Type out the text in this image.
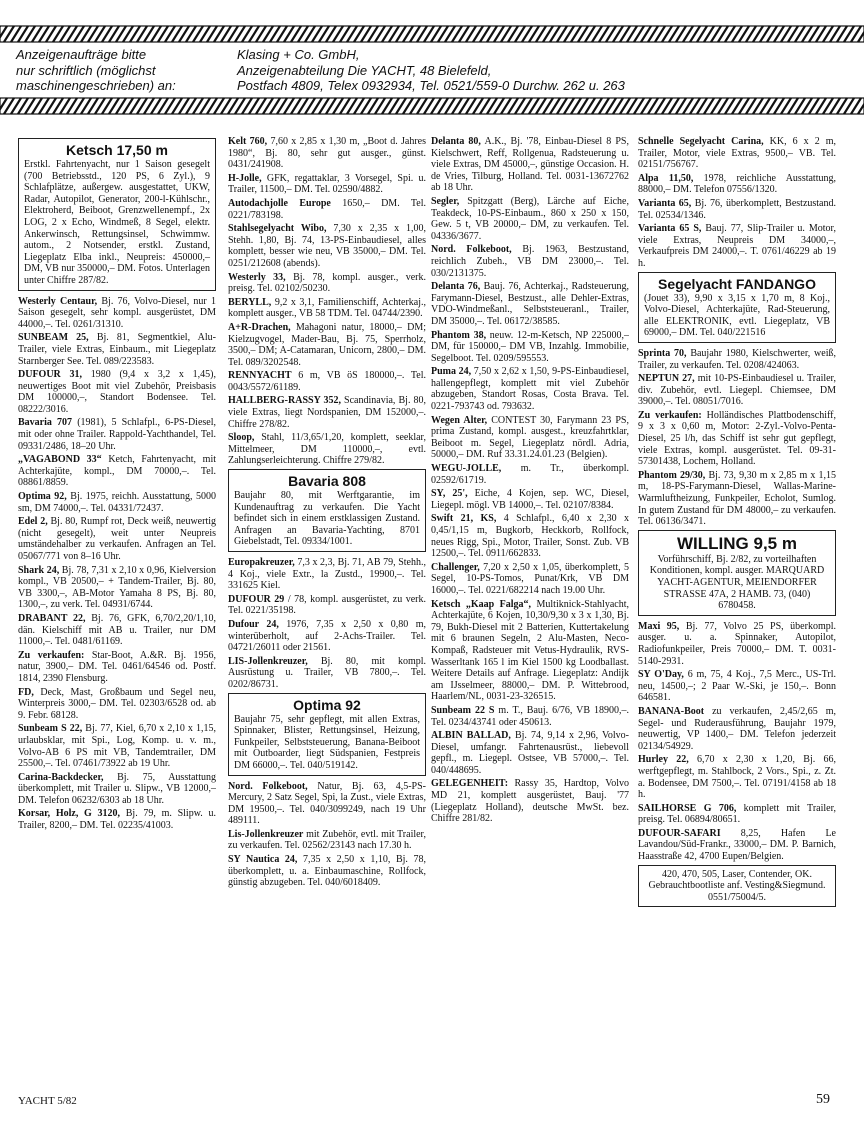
Anzeigenaufträge bitte
nur schriftlich (möglichst
maschinengeschrieben) an:
Klasing + Co. GmbH,
Anzeigenabteilung Die YACHT, 48 Bielefeld,
Postfach 4809, Telex 0932934, Tel. 0521/559-0 Durchw. 262 u. 263
Ketsch 17,50 m
Erstkl. Fahrtenyacht, nur 1 Saison gesegelt (700 Betriebsstd., 120 PS, 6 Zyl.), 9 Schlafplätze, außergew. ausgestattet, UKW, Radar, Autopilot, Generator, 200-l-Kühlschr., Elektroherd, Beiboot, Grenzwellenempf., 2x LOG, 2 x Echo, Windmeß, 8 Segel, elektr. Ankerwinsch, Rettungsinsel, Schwimmw. autom., 2 Notsender, erstkl. Zustand, Liegeplatz Elba inkl., Neupreis: 450000,– DM, VB nur 350000,– DM. Fotos. Unterlagen unter Chiffre 287/82.
Westerly Centaur, Bj. 76, Volvo-Diesel, nur 1 Saison gesegelt, sehr kompl. ausgerüstet, DM 44000,–. Tel. 0261/31310.
SUNBEAM 25, Bj. 81, Segmentkiel, Alu-Trailer, viele Extras, Einbaum., mit Liegeplatz Starnberger See. Tel. 089/223583.
DUFOUR 31, 1980 (9,4 x 3,2 x 1,45), neuwertiges Boot mit viel Zubehör, Preisbasis DM 100000,–, Standort Bodensee. Tel. 08222/3016.
Bavaria 707 (1981), 5 Schlafpl., 6-PS-Diesel, mit oder ohne Trailer. Rappold-Yachthandel, Tel. 09331/2486, 18–20 Uhr.
„VAGABOND 33“ Ketch, Fahrtenyacht, mit Achterkajüte, kompl., DM 70000,–. Tel. 08861/8859.
Optima 92, Bj. 1975, reichh. Ausstattung, 5000 sm, DM 74000,–. Tel. 04331/72437.
Edel 2, Bj. 80, Rumpf rot, Deck weiß, neuwertig (nicht gesegelt), weit unter Neupreis umständehalber zu verkaufen. Anfragen an Tel. 05067/771 von 8–16 Uhr.
Shark 24, Bj. 78, 7,31 x 2,10 x 0,96, Kielversion kompl., VB 20500,– + Tandem-Trailer, Bj. 80, VB 3300,–, AB-Motor Yamaha 8 PS, Bj. 80, 1300,–, zu verk. Tel. 04931/6744.
DRABANT 22, Bj. 76, GFK, 6,70/2,20/1,10, dän. Kielschiff mit AB u. Trailer, nur DM 11000,–. Tel. 0481/61169.
Zu verkaufen: Star-Boot, A.&R. Bj. 1956, natur, 3900,– DM. Tel. 0461/64546 od. Postf. 1814, 2390 Flensburg.
FD, Deck, Mast, Großbaum und Segel neu, Winterpreis 3000,– DM. Tel. 02303/6528 od. ab 9. Febr. 68128.
Sunbeam S 22, Bj. 77, Kiel, 6,70 x 2,10 x 1,15, urlaubsklar, mit Spi., Log, Komp. u. v. m., Volvo-AB 6 PS mit VB, Tandemtrailer, DM 25500,–. Tel. 07461/73922 ab 19 Uhr.
Carina-Backdecker, Bj. 75, Ausstattung überkomplett, mit Trailer u. Slipw., VB 12000,– DM. Telefon 06232/6303 ab 18 Uhr.
Korsar, Holz, G 3120, Bj. 79, m. Slipw. u. Trailer, 8200,– DM. Tel. 02235/41003.
Kelt 760, 7,60 x 2,85 x 1,30 m, „Boot d. Jahres 1980“, Bj. 80, sehr gut ausger., günst. 0431/241908.
H-Jolle, GFK, regattaklar, 3 Vorsegel, Spi. u. Trailer, 11500,– DM. Tel. 02590/4882.
Autodachjolle Europe 1650,– DM. Tel. 0221/783198.
Stahlsegelyacht Wibo, 7,30 x 2,35 x 1,00, Stehh. 1,80, Bj. 74, 13-PS-Einbaudiesel, alles komplett, besser wie neu, VB 35000,– DM. Tel. 0251/212608 (abends).
Westerly 33, Bj. 78, kompl. ausger., verk. preisg. Tel. 02102/50230.
BERYLL, 9,2 x 3,1, Familienschiff, Achterkaj., komplett ausger., VB 58 TDM. Tel. 04744/2390.
A+R-Drachen, Mahagoni natur, 18000,– DM; Kielzugvogel, Mader-Bau, Bj. 75, Sperrholz, 3500,– DM; A-Catamaran, Unicorn, 2800,– DM. Tel. 089/3202548.
RENNYACHT 6 m, VB öS 180000,–. Tel. 0043/5572/61189.
HALLBERG-RASSY 352, Scandinavia, Bj. 80, viele Extras, liegt Nordspanien, DM 152000,–. Chiffre 278/82.
Sloop, Stahl, 11/3,65/1,20, komplett, seeklar, Mittelmeer, DM 110000,–, evtl. Zahlungserleichterung. Chiffre 279/82.
Bavaria 808
Baujahr 80, mit Werftgarantie, im Kundenauftrag zu verkaufen. Die Yacht befindet sich in einem erstklassigen Zustand. Anfragen an Bavaria-Yachting, 8701 Giebelstadt, Tel. 09334/1001.
Europakreuzer, 7,3 x 2,3, Bj. 71, AB 79, Stehh., 4 Koj., viele Extr., la Zustd., 19900,–. Tel. 331625 Kiel.
DUFOUR 29 / 78, kompl. ausgerüstet, zu verk. Tel. 0221/35198.
Dufour 24, 1976, 7,35 x 2,50 x 0,80 m, winterüberholt, auf 2-Achs-Trailer. Tel. 04721/26011 oder 21561.
LIS-Jollenkreuzer, Bj. 80, mit kompl. Ausrüstung u. Trailer, VB 7800,–. Tel. 0202/86731.
Optima 92
Baujahr 75, sehr gepflegt, mit allen Extras, Spinnaker, Blister, Rettungsinsel, Heizung, Funkpeiler, Selbststeuerung, Banana-Beiboot mit Outboarder, liegt Südspanien, Festpreis DM 66000,–. Tel. 040/519142.
Nord. Folkeboot, Natur, Bj. 63, 4,5-PS-Mercury, 2 Satz Segel, Spi, la Zust., viele Extras, DM 19500,–. Tel. 040/3099249, nach 19 Uhr 489111.
Lis-Jollenkreuzer mit Zubehör, evtl. mit Trailer, zu verkaufen. Tel. 02562/23143 nach 17.30 h.
SY Nautica 24, 7,35 x 2,50 x 1,10, Bj. 78, überkomplett, u. a. Einbaumaschine, Rollfock, günstig abzugeben. Tel. 040/6018409.
Delanta 80, A.K., Bj. '78, Einbau-Diesel 8 PS, Kielschwert, Reff, Rollgenua, Radsteuerung u. viele Extras, DM 45000,–, günstige Occasion. H. de Vries, Tilburg, Holland. Tel. 0031-13672762 ab 18 Uhr.
Segler, Spitzgatt (Berg), Lärche auf Eiche, Teakdeck, 10-PS-Einbaum., 860 x 250 x 150, Gew. 5 t, VB 20000,– DM, zu verkaufen. Tel. 04336/3677.
Nord. Folkeboot, Bj. 1963, Bestzustand, reichlich Zubeh., VB DM 23000,–. Tel. 030/2131375.
Delanta 76, Bauj. 76, Achterkaj., Radsteuerung, Farymann-Diesel, Bestzust., alle Dehler-Extras, VDO-Windmeßanl., Selbststeueranl., Trailer, DM 35000,–. Tel. 06172/38585.
Phantom 38, neuw. 12-m-Ketsch, NP 225000,– DM, für 150000,– DM VB, Inzahlg. Immobilie, Segelboot. Tel. 0209/595553.
Puma 24, 7,50 x 2,62 x 1,50, 9-PS-Einbaudiesel, hallengepflegt, komplett mit viel Zubehör abzugeben, Standort Rosas, Costa Brava. Tel. 0221-793743 od. 793632.
Wegen Alter, CONTEST 30, Farymann 23 PS, prima Zustand, kompl. ausgest., kreuzfahrtklar, Beiboot m. Segel, Liegeplatz nördl. Adria, 50000,– DM. Ruf 33.31.24.01.23 (Belgien).
WEGU-JOLLE, m. Tr., überkompl. 02592/61719.
SY, 25', Eiche, 4 Kojen, sep. WC, Diesel, Liegepl. mögl. VB 14000,–. Tel. 02107/8384.
Swift 21, KS, 4 Schlafpl., 6,40 x 2,30 x 0,45/1,15 m, Bugkorb, Heckkorb, Rollfock, neues Rigg, Spi., Motor, Trailer, Sonst. Zub. VB 12500,–. Tel. 0911/662833.
Challenger, 7,20 x 2,50 x 1,05, überkomplett, 5 Segel, 10-PS-Tomos, Punat/Krk, VB DM 16000,–. Tel. 0221/682214 nach 19.00 Uhr.
Ketsch „Kaap Falga“, Multiknick-Stahlyacht, Achterkajüte, 6 Kojen, 10,30/9,30 x 3 x 1,30, Bj. 79, Bukh-Diesel mit 2 Batterien, Kuttertakelung mit 6 braunen Segeln, 2 Alu-Masten, Neco-Kompaß, Radsteuer mit Vetus-Hydraulik, RVS-Wasserltank 165 l im Kiel 1500 kg Loodballast. Weitere Details auf Anfrage. Liegeplatz: Andijk am IJsselmeer, 88000,– DM. P. Wittebrood, Haarlem/NL, 0031-23-326515.
Sunbeam 22 S m. T., Bauj. 6/76, VB 18900,–. Tel. 0234/43741 oder 450613.
ALBIN BALLAD, Bj. 74, 9,14 x 2,96, Volvo-Diesel, umfangr. Fahrtenausrüst., liebevoll gepfl., m. Liegepl. Ostsee, VB 57000,–. Tel. 040/448695.
GELEGENHEIT: Rassy 35, Hardtop, Volvo MD 21, komplett ausgerüstet, Bauj. '77 (Liegeplatz Holland), deutsche MwSt. bez. Chiffre 281/82.
Schnelle Segelyacht Carina, KK, 6 x 2 m, Trailer, Motor, viele Extras, 9500,– VB. Tel. 02151/756767.
Alpa 11,50, 1978, reichliche Ausstattung, 88000,– DM. Telefon 07556/1320.
Varianta 65, Bj. 76, überkomplett, Bestzustand. Tel. 02534/1346.
Varianta 65 S, Bauj. 77, Slip-Trailer u. Motor, viele Extras, Neupreis DM 34000,–, Verkaufpreis DM 24000,–. T. 0761/46229 ab 19 h.
Segelyacht FANDANGO
(Jouet 33), 9,90 x 3,15 x 1,70 m, 8 Koj., Volvo-Diesel, Achterkajüte, Rad-Steuerung, alle ELEKTRONIK, evtl. Liegeplatz, VB 69000,– DM. Tel. 040/221516
Sprinta 70, Baujahr 1980, Kielschwerter, weiß, Trailer, zu verkaufen. Tel. 0208/424063.
NEPTUN 27, mit 10-PS-Einbaudiesel u. Trailer, div. Zubehör, evtl. Liegepl. Chiemsee, DM 39000,–. Tel. 08051/7016.
Zu verkaufen: Holländisches Plattbodenschiff, 9 x 3 x 0,60 m, Motor: 2-Zyl.-Volvo-Penta-Diesel, 25 l/h, das Schiff ist sehr gut gepflegt, viele Extras, kompl. ausgerüstet. Tel. 09-31-57301438, Lochem, Holland.
Phantom 29/30, Bj. 73, 9,30 m x 2,85 m x 1,15 m, 18-PS-Farymann-Diesel, Wallas-Marine-Warmluftheizung, Funkpeiler, Echolot, Sumlog. In gutem Zustand für DM 48000,– zu verkaufen. Tel. 06136/3471.
WILLING 9,5 m
Vorführschiff, Bj. 2/82, zu vorteilhaften Konditionen, kompl. ausger. MARQUARD YACHT-AGENTUR, MEIENDORFER STRASSE 47A, 2 HAMB. 73, (040) 6780458.
Maxi 95, Bj. 77, Volvo 25 PS, überkompl. ausger. u. a. Spinnaker, Autopilot, Radiofunkpeiler, Preis 70000,– DM. T. 0031-5140-2931.
SY O'Day, 6 m, 75, 4 Koj., 7,5 Merc., US-Trl. neu, 14500,–; 2 Paar W.-Ski, je 150,–. Bonn 646581.
BANANA-Boot zu verkaufen, 2,45/2,65 m, Segel- und Ruderausführung, Baujahr 1979, neuwertig, VP 1400,– DM. Telefon jederzeit 02134/54929.
Hurley 22, 6,70 x 2,30 x 1,20, Bj. 66, werftgepflegt, m. Stahlbock, 2 Vors., Spi., z. Zt. a. Bodensee, DM 7500,–. Tel. 07191/4158 ab 18 h.
SAILHORSE G 706, komplett mit Trailer, preisg. Tel. 06894/80651.
DUFOUR-SAFARI 8,25, Hafen Le Lavandou/Süd-Frankr., 33000,– DM. P. Barnich, Haasstraße 42, 4700 Eupen/Belgien.
420, 470, 505, Laser, Contender, OK. Gebrauchtbootliste anf. Vesting&Siegmund. 0551/75004/5.
YACHT 5/82	59
